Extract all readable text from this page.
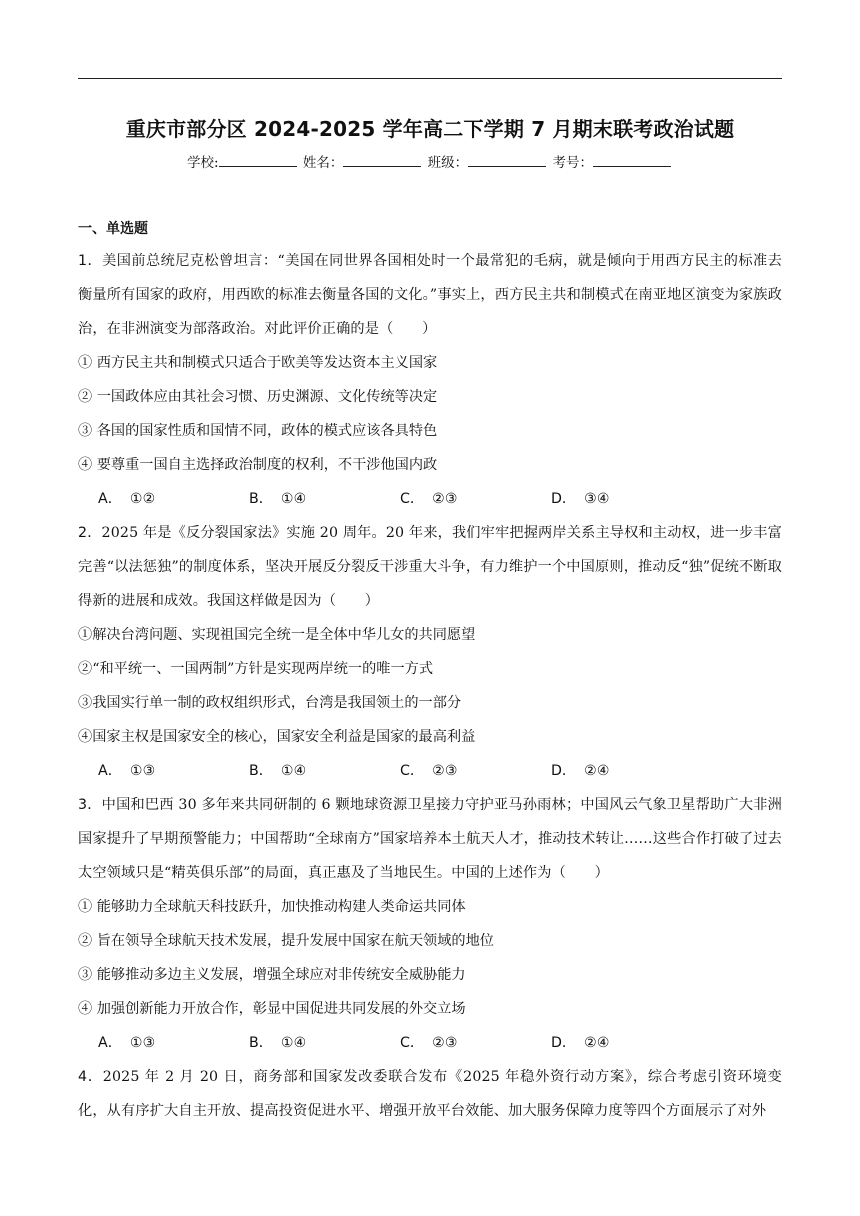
重庆市部分区 2024-2025 学年高二下学期 7 月期末联考政治试题
学校:	姓名：	班级：	考号：

一、单选题

1．美国前总统尼克松曾坦言：“美国在同世界各国相处时一个最常犯的毛病，就是倾向于用西方民主的标准去衡量所有国家的政府，用西欧的标准去衡量各国的文化。”事实上，西方民主共和制模式在南亚地区演变为家族政治，在非洲演变为部落政治。对此评价正确的是（　　）

① 西方民主共和制模式只适合于欧美等发达资本主义国家

② 一国政体应由其社会习惯、历史渊源、文化传统等决定

③ 各国的国家性质和国情不同，政体的模式应该各具特色

④ 要尊重一国自主选择政治制度的权利，不干涉他国内政

A． ①②	B． ①④	C． ②③	D． ③④

2．2025 年是《反分裂国家法》实施 20 周年。20 年来，我们牢牢把握两岸关系主导权和主动权，进一步丰富完善“以法惩独”的制度体系，坚决开展反分裂反干涉重大斗争，有力维护一个中国原则，推动反“独”促统不断取得新的进展和成效。我国这样做是因为（　　）

①解决台湾问题、实现祖国完全统一是全体中华儿女的共同愿望

②“和平统一、一国两制”方针是实现两岸统一的唯一方式

③我国实行单一制的政权组织形式，台湾是我国领土的一部分

④国家主权是国家安全的核心，国家安全利益是国家的最高利益

A． ①③	B． ①④	C． ②③	D． ②④

3．中国和巴西 30 多年来共同研制的 6 颗地球资源卫星接力守护亚马孙雨林；中国风云气象卫星帮助广大非洲国家提升了早期预警能力；中国帮助“全球南方”国家培养本土航天人才，推动技术转让……这些合作打破了过去太空领域只是“精英俱乐部”的局面，真正惠及了当地民生。中国的上述作为（　　）

① 能够助力全球航天科技跃升，加快推动构建人类命运共同体

② 旨在领导全球航天技术发展，提升发展中国家在航天领域的地位

③ 能够推动多边主义发展，增强全球应对非传统安全威胁能力

④ 加强创新能力开放合作，彰显中国促进共同发展的外交立场

A． ①③	B． ①④	C． ②③	D． ②④

4．2025 年 2 月 20 日，商务部和国家发改委联合发布《2025 年稳外资行动方案》，综合考虑引资环境变化，从有序扩大自主开放、提高投资促进水平、增强开放平台效能、加大服务保障力度等四个方面展示了对外
